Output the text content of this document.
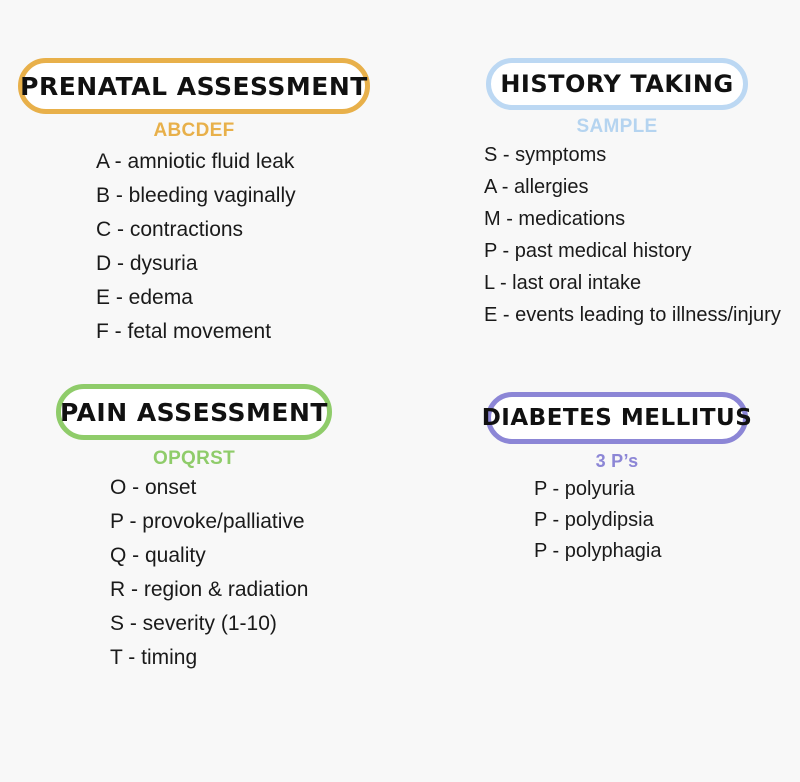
PRENATAL ASSESSMENT
ABCDEF
A - amniotic fluid leak
B - bleeding vaginally
C - contractions
D - dysuria
E - edema
F - fetal movement
HISTORY TAKING
SAMPLE
S - symptoms
A - allergies
M - medications
P - past medical history
L - last oral intake
E - events leading to illness/injury
PAIN ASSESSMENT
OPQRST
O - onset
P - provoke/palliative
Q - quality
R - region & radiation
S - severity (1-10)
T - timing
DIABETES MELLITUS
3 P’s
P - polyuria
P - polydipsia
P - polyphagia
